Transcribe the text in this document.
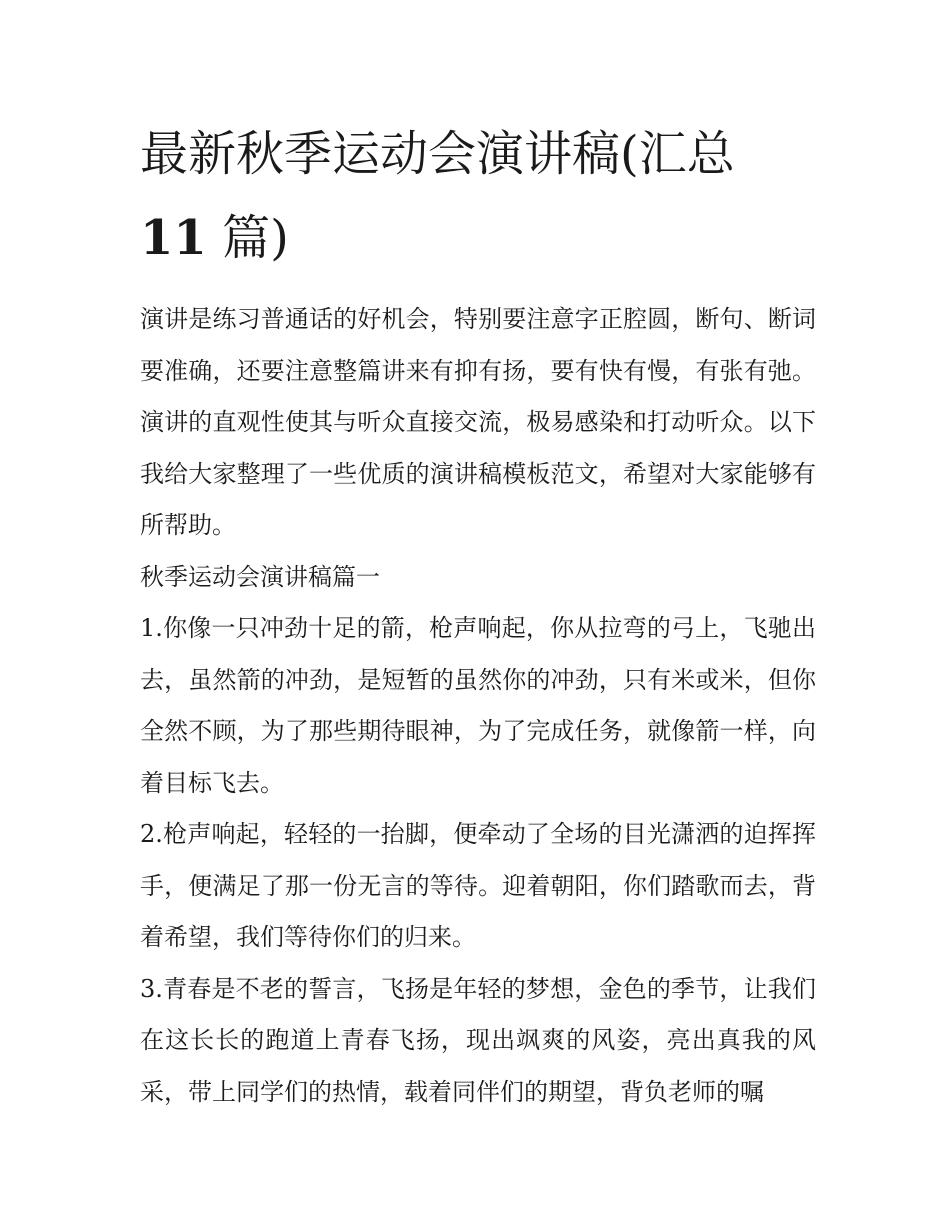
最新秋季运动会演讲稿(汇总
11 篇)

演讲是练习普通话的好机会，特别要注意字正腔圆，断句、断词要准确，还要注意整篇讲来有抑有扬，要有快有慢，有张有弛。演讲的直观性使其与听众直接交流，极易感染和打动听众。以下我给大家整理了一些优质的演讲稿模板范文，希望对大家能够有所帮助。

秋季运动会演讲稿篇一

1.你像一只冲劲十足的箭，枪声响起，你从拉弯的弓上，飞驰出去，虽然箭的冲劲，是短暂的虽然你的冲劲，只有米或米，但你全然不顾，为了那些期待眼神，为了完成任务，就像箭一样，向着目标飞去。

2.枪声响起，轻轻的一抬脚，便牵动了全场的目光潇洒的迫挥挥手，便满足了那一份无言的等待。迎着朝阳，你们踏歌而去，背着希望，我们等待你们的归来。

3.青春是不老的誓言，飞扬是年轻的梦想，金色的季节，让我们在这长长的跑道上青春飞扬，现出飒爽的风姿，亮出真我的风采，带上同学们的热情，载着同伴们的期望，背负老师的嘱
